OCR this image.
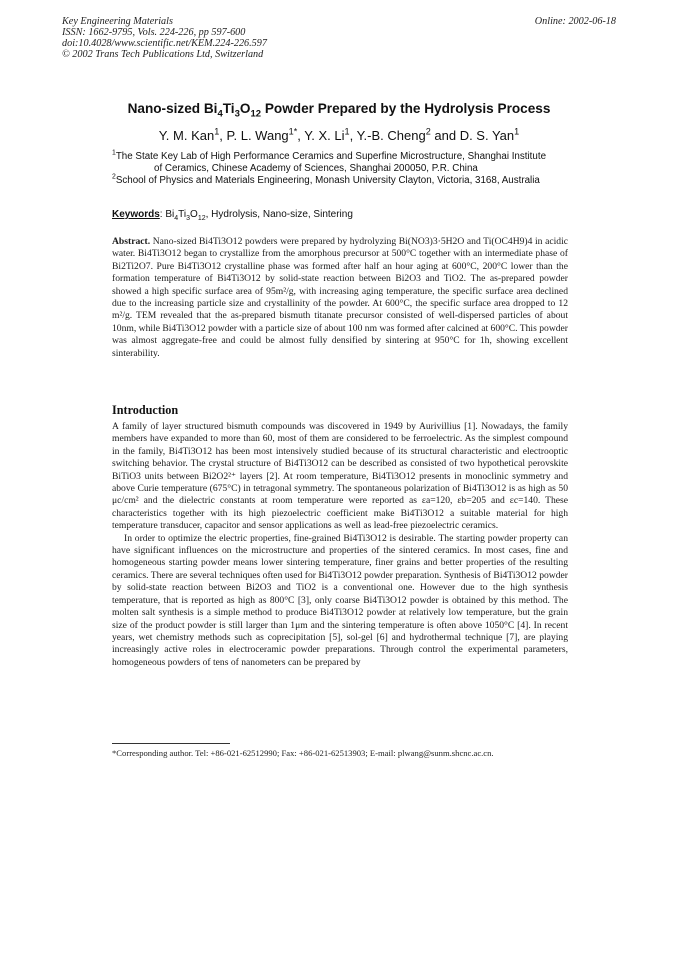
Key Engineering Materials
ISSN: 1662-9795, Vols. 224-226, pp 597-600
doi:10.4028/www.scientific.net/KEM.224-226.597
© 2002 Trans Tech Publications Ltd, Switzerland
Online: 2002-06-18
Nano-sized $Bi_4Ti_3O_{12}$ Powder Prepared by the Hydrolysis Process
Y. M. Kan$^1$, P. L. Wang$^{1*}$, Y. X. Li$^1$, Y.-B. Cheng$^2$ and D. S. Yan$^1$
$^1$The State Key Lab of High Performance Ceramics and Superfine Microstructure, Shanghai Institute
of Ceramics, Chinese Academy of Sciences, Shanghai 200050, P.R. China
$^2$School of Physics and Materials Engineering, Monash University Clayton, Victoria, 3168, Australia
Keywords: $Bi_4Ti_3O_{12}$, Hydrolysis, Nano-size, Sintering
Abstract. Nano-sized Bi4Ti3O12 powders were prepared by hydrolyzing Bi(NO3)3·5H2O and Ti(OC4H9)4 in acidic water. Bi4Ti3O12 began to crystallize from the amorphous precursor at 500°C together with an intermediate phase of Bi2Ti2O7. Pure Bi4Ti3O12 crystalline phase was formed after half an hour aging at 600°C, 200°C lower than the formation temperature of Bi4Ti3O12 by solid-state reaction between Bi2O3 and TiO2. The as-prepared powder showed a high specific surface area of 95m²/g, with increasing aging temperature, the specific surface area declined due to the increasing particle size and crystallinity of the powder. At 600°C, the specific surface area dropped to 12 m²/g. TEM revealed that the as-prepared bismuth titanate precursor consisted of well-dispersed particles of about 10nm, while Bi4Ti3O12 powder with a particle size of about 100 nm was formed after calcined at 600°C. This powder was almost aggregate-free and could be almost fully densified by sintering at 950°C for 1h, showing excellent sinterability.
Introduction
A family of layer structured bismuth compounds was discovered in 1949 by Aurivillius [1]. Nowadays, the family members have expanded to more than 60, most of them are considered to be ferroelectric. As the simplest compound in the family, Bi4Ti3O12 has been most intensively studied because of its structural characteristic and electrooptic switching behavior. The crystal structure of Bi4Ti3O12 can be described as consisted of two hypothetical perovskite BiTiO3 units between Bi2O2²⁺ layers [2]. At room temperature, Bi4Ti3O12 presents in monoclinic symmetry and above Curie temperature (675°C) in tetragonal symmetry. The spontaneous polarization of Bi4Ti3O12 is as high as 50 μc/cm² and the dielectric constants at room temperature were reported as εa=120, εb=205 and εc=140. These characteristics together with its high piezoelectric coefficient make Bi4Ti3O12 a suitable material for high temperature transducer, capacitor and sensor applications as well as lead-free piezoelectric ceramics.
In order to optimize the electric properties, fine-grained Bi4Ti3O12 is desirable. The starting powder property can have significant influences on the microstructure and properties of the sintered ceramics. In most cases, fine and homogeneous starting powder means lower sintering temperature, finer grains and better properties of the resulting ceramics. There are several techniques often used for Bi4Ti3O12 powder preparation. Synthesis of Bi4Ti3O12 powder by solid-state reaction between Bi2O3 and TiO2 is a conventional one. However due to the high synthesis temperature, that is reported as high as 800°C [3], only coarse Bi4Ti3O12 powder is obtained by this method. The molten salt synthesis is a simple method to produce Bi4Ti3O12 powder at relatively low temperature, but the grain size of the product powder is still larger than 1μm and the sintering temperature is often above 1050°C [4]. In recent years, wet chemistry methods such as coprecipitation [5], sol-gel [6] and hydrothermal technique [7], are playing increasingly active roles in electroceramic powder preparations. Through control the experimental parameters, homogeneous powders of tens of nanometers can be prepared by
*Corresponding author. Tel: +86-021-62512990; Fax: +86-021-62513903; E-mail: plwang@sunm.shcnc.ac.cn.
